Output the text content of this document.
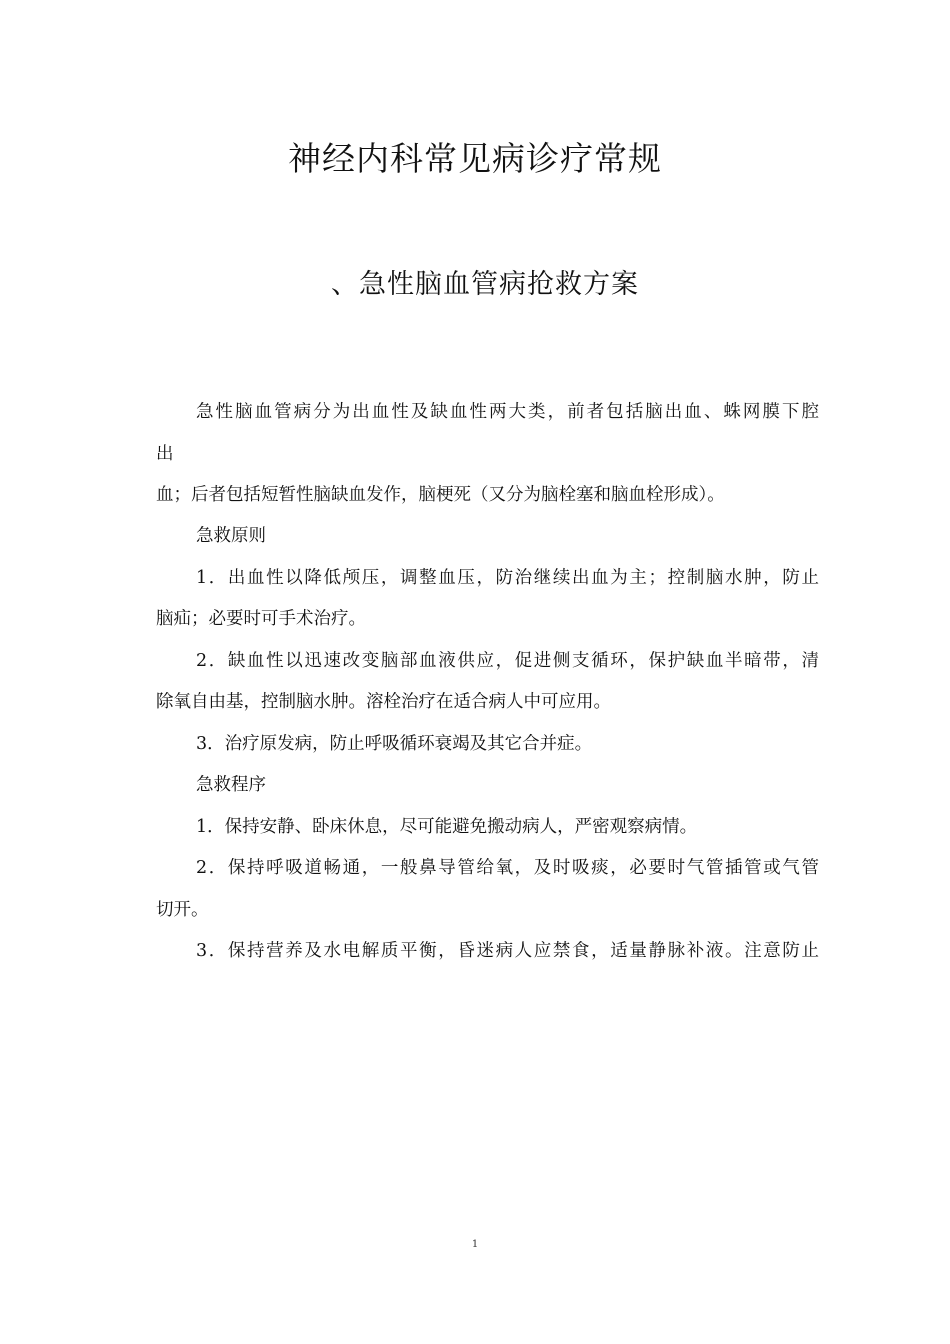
神经内科常见病诊疗常规
、急性脑血管病抢救方案

急性脑血管病分为出血性及缺血性两大类，前者包括脑出血、蛛网膜下腔

出

血；后者包括短暂性脑缺血发作，脑梗死（又分为脑栓塞和脑血栓形成）。

急救原则

1．出血性以降低颅压，调整血压，防治继续出血为主；控制脑水肿，防止

脑疝；必要时可手术治疗。

2．缺血性以迅速改变脑部血液供应，促进侧支循环，保护缺血半暗带，清

除氧自由基，控制脑水肿。溶栓治疗在适合病人中可应用。

3．治疗原发病，防止呼吸循环衰竭及其它合并症。

急救程序

1．保持安静、卧床休息，尽可能避免搬动病人，严密观察病情。

2．保持呼吸道畅通，一般鼻导管给氧，及时吸痰，必要时气管插管或气管

切开。

3．保持营养及水电解质平衡，昏迷病人应禁食，适量静脉补液。注意防止

1
